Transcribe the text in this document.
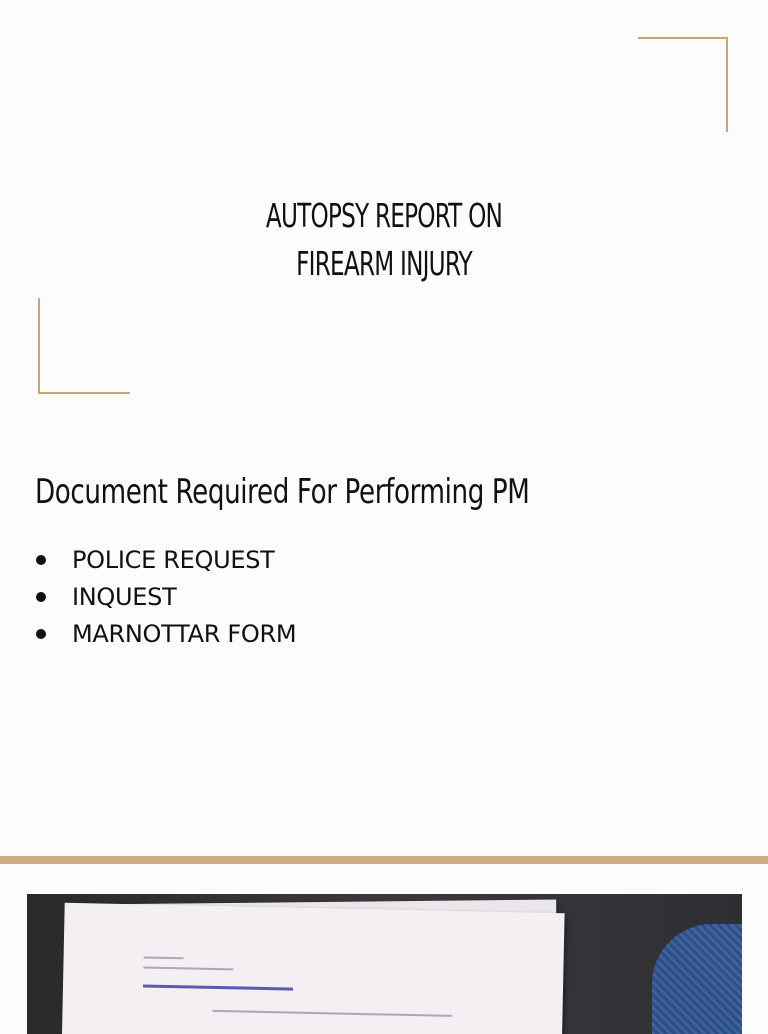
AUTOPSY REPORT ON
FIREARM INJURY
Document Required For Performing PM
POLICE REQUEST
INQUEST
MARNOTTAR FORM
